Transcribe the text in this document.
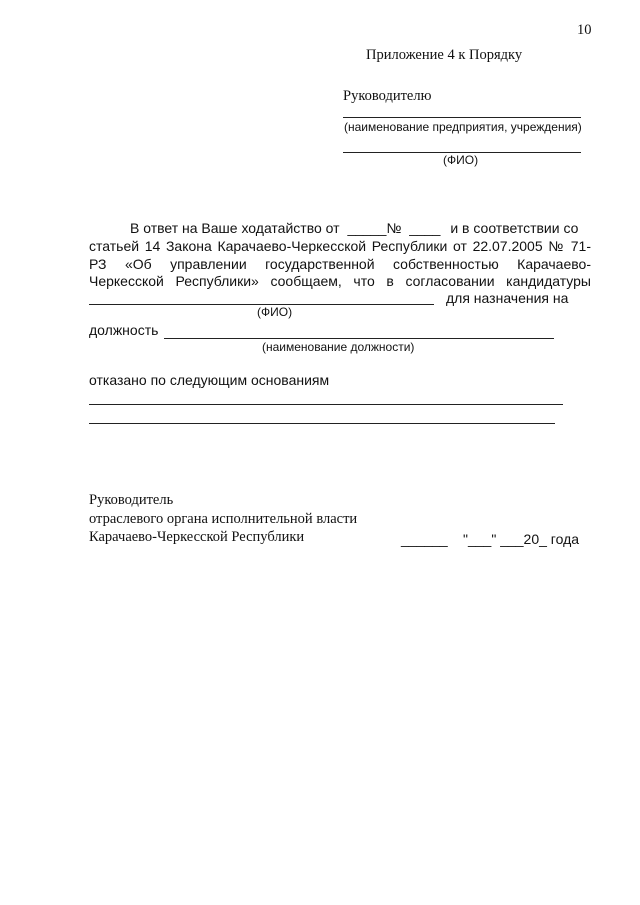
10
Приложение 4 к Порядку
Руководителю
(наименование предприятия, учреждения)
(ФИО)
В ответ на Ваше ходатайство от _____№ ____ и в соответствии со
статьей 14 Закона Карачаево-Черкесской Республики от 22.07.2005 № 71-
РЗ «Об управлении государственной собственностью Карачаево-
Черкесской Республики» сообщаем, что в согласовании кандидатуры
для назначения на
(ФИО)
должность
(наименование должности)
отказано по следующим основаниям
Руководитель
отраслевого органа исполнительной власти
Карачаево-Черкесской Республики	______ "___" ___20_ года
